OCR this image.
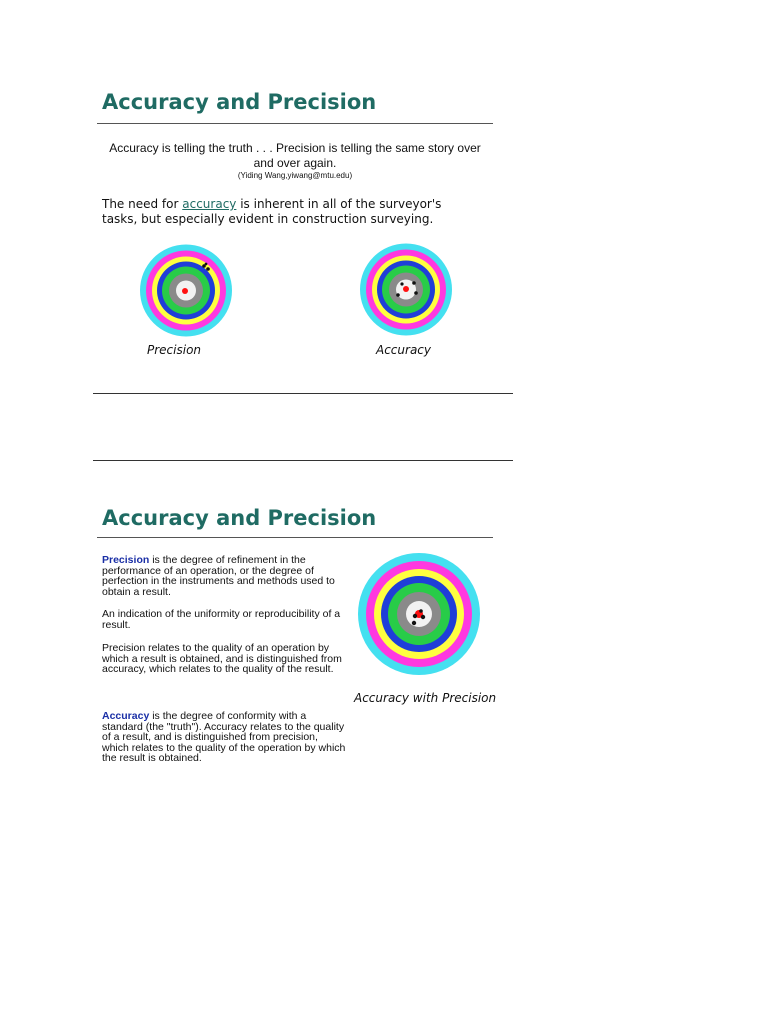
Accuracy and Precision
Accuracy is telling the truth . . . Precision is telling the same story over and over again.
(Yiding Wang,yiwang@mtu.edu)
The need for accuracy is inherent in all of the surveyor's tasks, but especially evident in construction surveying.
Precision	Accuracy
Accuracy and Precision
Precision is the degree of refinement in the performance of an operation, or the degree of perfection in the instruments and methods used to obtain a result.
An indication of the uniformity or reproducibility of a result.
Precision relates to the quality of an operation by which a result is obtained, and is distinguished from accuracy, which relates to the quality of the result.
Accuracy is the degree of conformity with a standard (the "truth"). Accuracy relates to the quality of a result, and is distinguished from precision, which relates to the quality of the operation by which the result is obtained.
Accuracy with Precision
